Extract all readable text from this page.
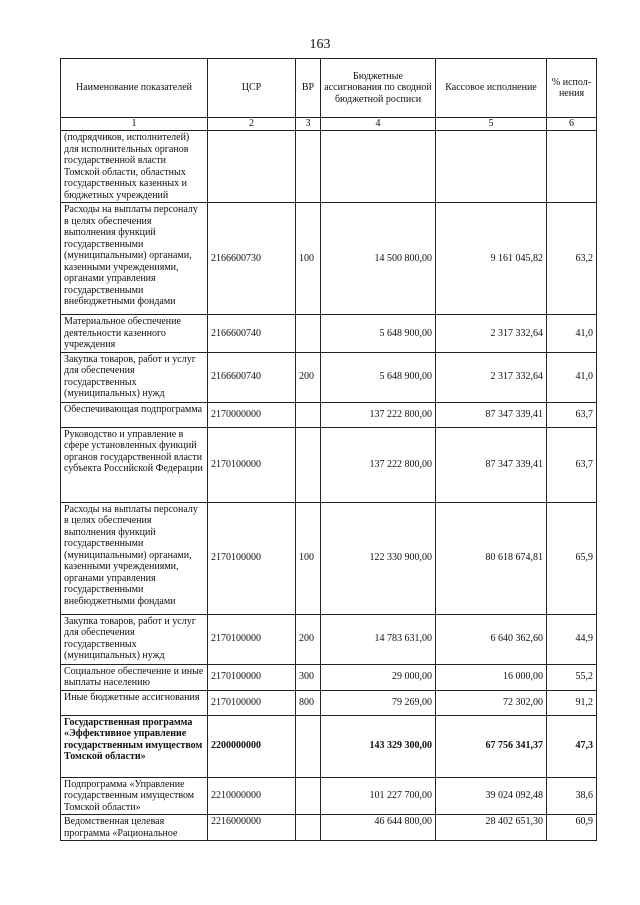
163
Наименование показателей	ЦСР	ВР	Бюджетные ассигнования по сводной бюджетной росписи	Кассовое исполнение	% испол-нения
1	2	3	4	5	6
(подрядчиков, исполнителей) для исполнительных органов государственной власти Томской области, областных государственных казенных и бюджетных учреждений					
Расходы на выплаты персоналу в целях обеспечения выполнения функций государственными (муниципальными) органами, казенными учреждениями, органами управления государственными внебюджетными фондами	2166600730	100	14 500 800,00	9 161 045,82	63,2
Материальное обеспечение деятельности казенного учреждения	2166600740		5 648 900,00	2 317 332,64	41,0
Закупка товаров, работ и услуг для обеспечения государственных (муниципальных) нужд	2166600740	200	5 648 900,00	2 317 332,64	41,0
Обеспечивающая подпрограмма	2170000000		137 222 800,00	87 347 339,41	63,7
Руководство и управление в сфере установленных функций органов государственной власти субъекта Российской Федерации	2170100000		137 222 800,00	87 347 339,41	63,7
Расходы на выплаты персоналу в целях обеспечения выполнения функций государственными (муниципальными) органами, казенными учреждениями, органами управления государственными внебюджетными фондами	2170100000	100	122 330 900,00	80 618 674,81	65,9
Закупка товаров, работ и услуг для обеспечения государственных (муниципальных) нужд	2170100000	200	14 783 631,00	6 640 362,60	44,9
Социальное обеспечение и иные выплаты населению	2170100000	300	29 000,00	16 000,00	55,2
Иные бюджетные ассигнования	2170100000	800	79 269,00	72 302,00	91,2
Государственная программа «Эффективное управление государственным имуществом Томской области»	2200000000		143 329 300,00	67 756 341,37	47,3
Подпрограмма «Управление государственным имуществом Томской области»	2210000000		101 227 700,00	39 024 092,48	38,6
Ведомственная целевая программа «Рациональное	2216000000		46 644 800,00	28 402 651,30	60,9
